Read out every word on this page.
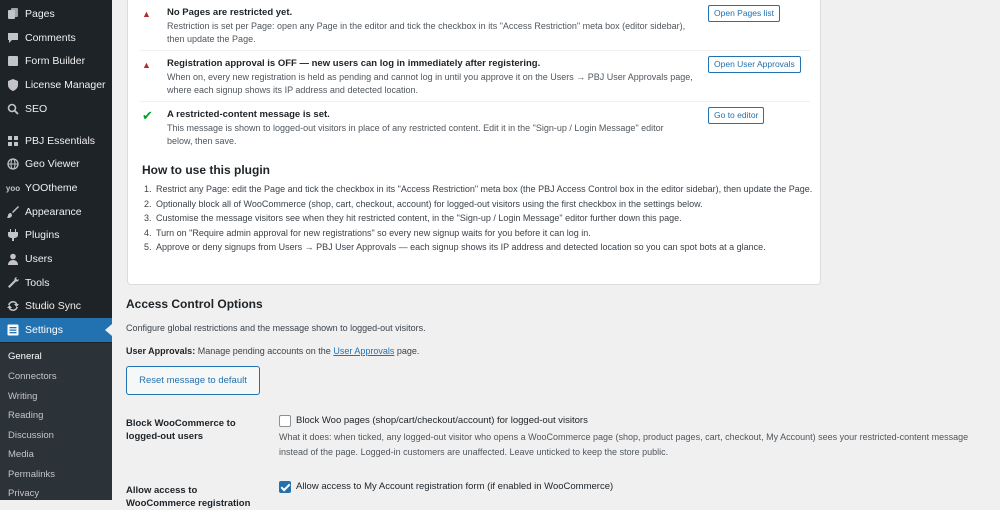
Pages
Comments
Form Builder
License Manager
SEO
PBJ Essentials
Geo Viewer
yoo YOOtheme
Appearance
Plugins
Users
Tools
Studio Sync
Settings
General
Connectors
Writing
Reading
Discussion
Media
Permalinks
Privacy
▲ No Pages are restricted yet.
Restriction is set per Page: open any Page in the editor and tick the checkbox in its "Access Restriction" meta box (editor sidebar), then update the Page.
Open Pages list
▲ Registration approval is OFF — new users can log in immediately after registering.
When on, every new registration is held as pending and cannot log in until you approve it on the Users → PBJ User Approvals page, where each signup shows its IP address and detected location.
Open User Approvals
✔ A restricted-content message is set.
This message is shown to logged-out visitors in place of any restricted content. Edit it in the "Sign-up / Login Message" editor below, then save.
Go to editor
How to use this plugin
1. Restrict any Page: edit the Page and tick the checkbox in its "Access Restriction" meta box (the PBJ Access Control box in the editor sidebar), then update the Page.
2. Optionally block all of WooCommerce (shop, cart, checkout, account) for logged-out visitors using the first checkbox in the settings below.
3. Customise the message visitors see when they hit restricted content, in the "Sign-up / Login Message" editor further down this page.
4. Turn on "Require admin approval for new registrations" so every new signup waits for you before it can log in.
5. Approve or deny signups from Users → PBJ User Approvals — each signup shows its IP address and detected location so you can spot bots at a glance.
Access Control Options
Configure global restrictions and the message shown to logged-out visitors.
User Approvals: Manage pending accounts on the User Approvals page.
Reset message to default
Block WooCommerce to logged-out users
Block Woo pages (shop/cart/checkout/account) for logged-out visitors
What it does: when ticked, any logged-out visitor who opens a WooCommerce page (shop, product pages, cart, checkout, My Account) sees your restricted-content message instead of the page. Logged-in customers are unaffected. Leave unticked to keep the store public.
Allow access to WooCommerce registration
Allow access to My Account registration form (if enabled in WooCommerce)
